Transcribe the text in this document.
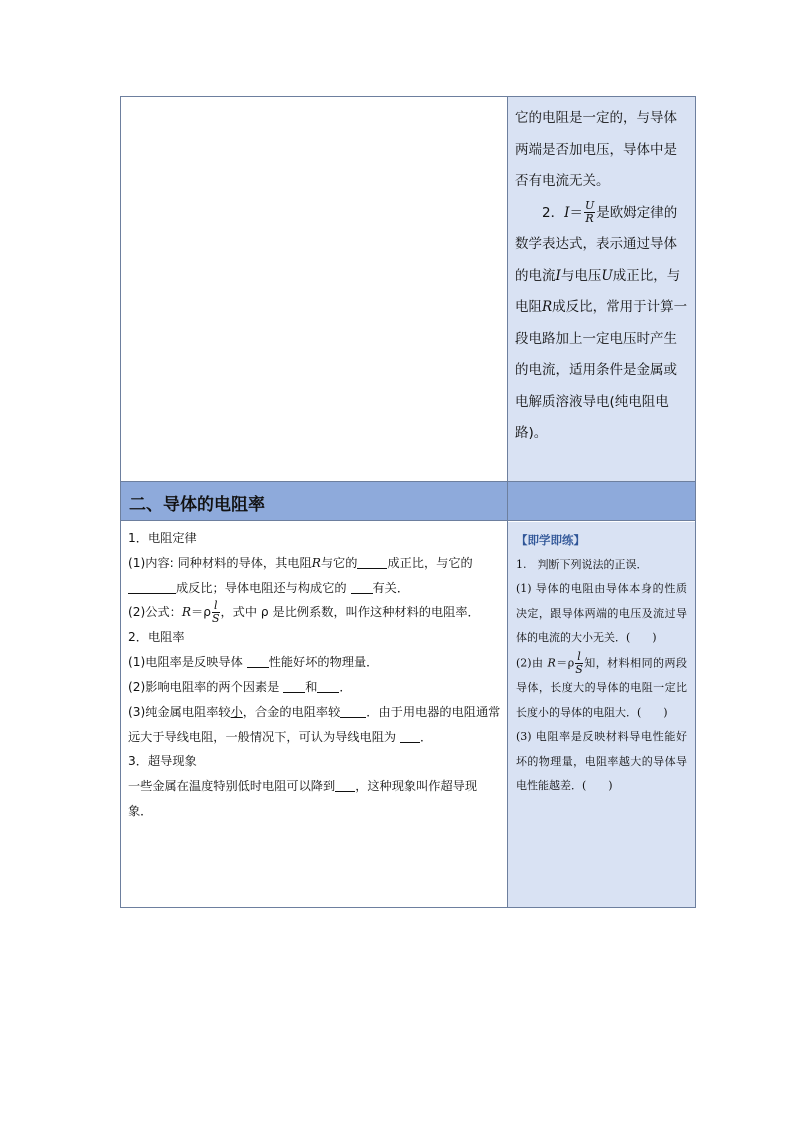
它的电阻是一定的，与导体两端是否加电压，导体中是否有电流无关。

2．$I= \frac{U}{R}$ 是欧姆定律的数学表达式，表示通过导体的电流I与电压U成正比，与电阻R成反比，常用于计算一段电路加上一定电压时产生的电流，适用条件是金属或电解质溶液导电(纯电阻电路)。

二、导体的电阻率

1．电阻定律

(1)内容: 同种材料的导体，其电阻R与它的 成正比，与它的成反比；导体电阻还与构成它的 有关．

(2)公式：$R=\rho \frac{l}{S}$ ，式中 ρ 是比例系数，叫作这种材料的电阻率．

2．电阻率

(1)电阻率是反映导体 性能好坏的物理量．

(2)影响电阻率的两个因素是 和 ．

(3)纯金属电阻率较小，合金的电阻率较 ．由于用电器的电阻通常远大于导线电阻，一般情况下，可认为导线电阻为 ．

3．超导现象

一些金属在温度特别低时电阻可以降到 ，这种现象叫作超导现象．

【即学即练】

1.　判断下列说法的正误．

(1) 导体的电阻由导体本身的性质决定，跟导体两端的电压及流过导体的电流的大小无关．(　　)

(2)由 $R=\rho \frac{l}{S}$ 知，材料相同的两段导体，长度大的导体的电阻一定比长度小的导体的电阻大．(　　)

(3) 电阻率是反映材料导电性能好坏的物理量，电阻率越大的导体导电性能越差．(　　)
